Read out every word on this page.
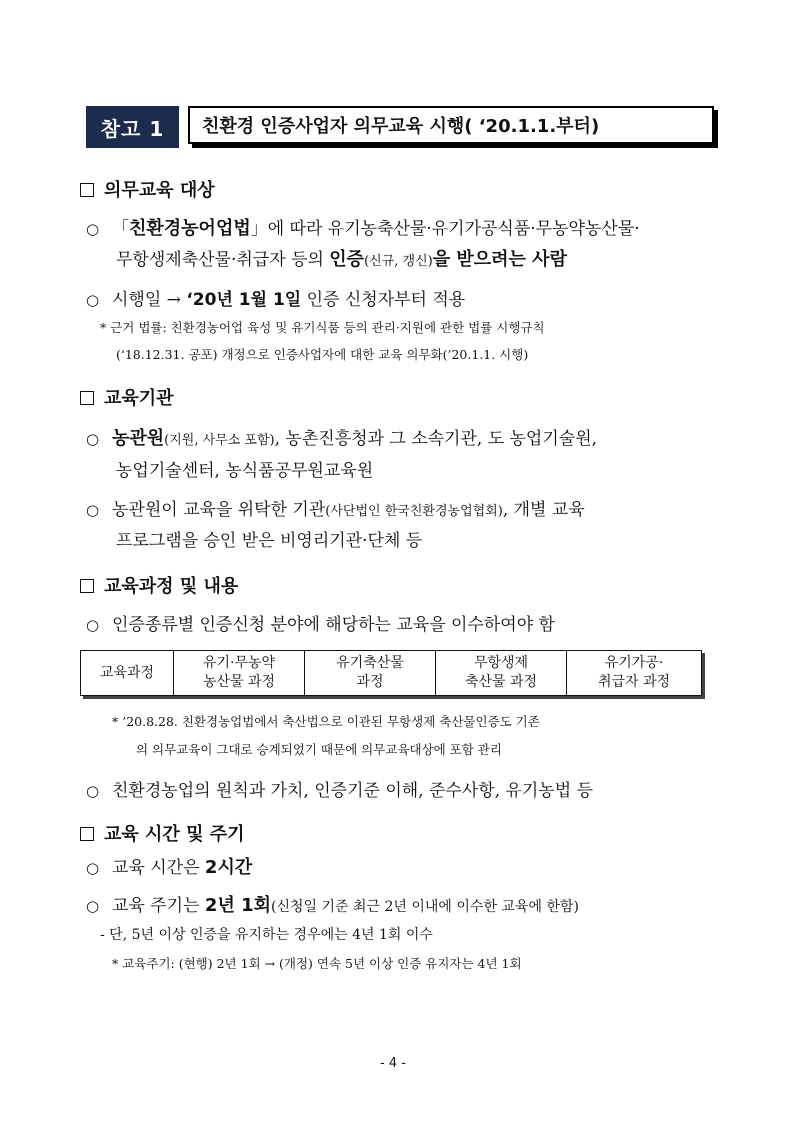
참고 1	친환경 인증사업자 의무교육 시행( ‘20.1.1.부터)
의무교육 대상
○ 「친환경농어업법」에 따라 유기농축산물·유기가공식품·무농약농산물·
무항생제축산물·취급자 등의 인증(신규, 갱신)을 받으려는 사람
○ 시행일 → ‘20년 1월 1일 인증 신청자부터 적용
* 근거 법률: 친환경농어업 육성 및 유기식품 등의 관리·지원에 관한 법률 시행규칙
(‘18.12.31. 공포) 개정으로 인증사업자에 대한 교육 의무화(’20.1.1. 시행)
교육기관
○ 농관원(지원, 사무소 포함), 농촌진흥청과 그 소속기관, 도 농업기술원,
농업기술센터, 농식품공무원교육원
○ 농관원이 교육을 위탁한 기관(사단법인 한국친환경농업협회), 개별 교육
프로그램을 승인 받은 비영리기관·단체 등
교육과정 및 내용
○ 인증종류별 인증신청 분야에 해당하는 교육을 이수하여야 함
교육과정
유기·무농약
농산물 과정
유기축산물
과정
무항생제
축산물 과정
유기가공·
취급자 과정
* ’20.8.28. 친환경농업법에서 축산법으로 이관된 무항생제 축산물인증도 기존
의 의무교육이 그대로 승계되었기 때문에 의무교육대상에 포함 관리
○ 친환경농업의 원칙과 가치, 인증기준 이해, 준수사항, 유기농법 등
교육 시간 및 주기
○ 교육 시간은 2시간
○ 교육 주기는 2년 1회(신청일 기준 최근 2년 이내에 이수한 교육에 한함)
- 단, 5년 이상 인증을 유지하는 경우에는 4년 1회 이수
* 교육주기: (현행) 2년 1회 → (개정) 연속 5년 이상 인증 유지자는 4년 1회
- 4 -
